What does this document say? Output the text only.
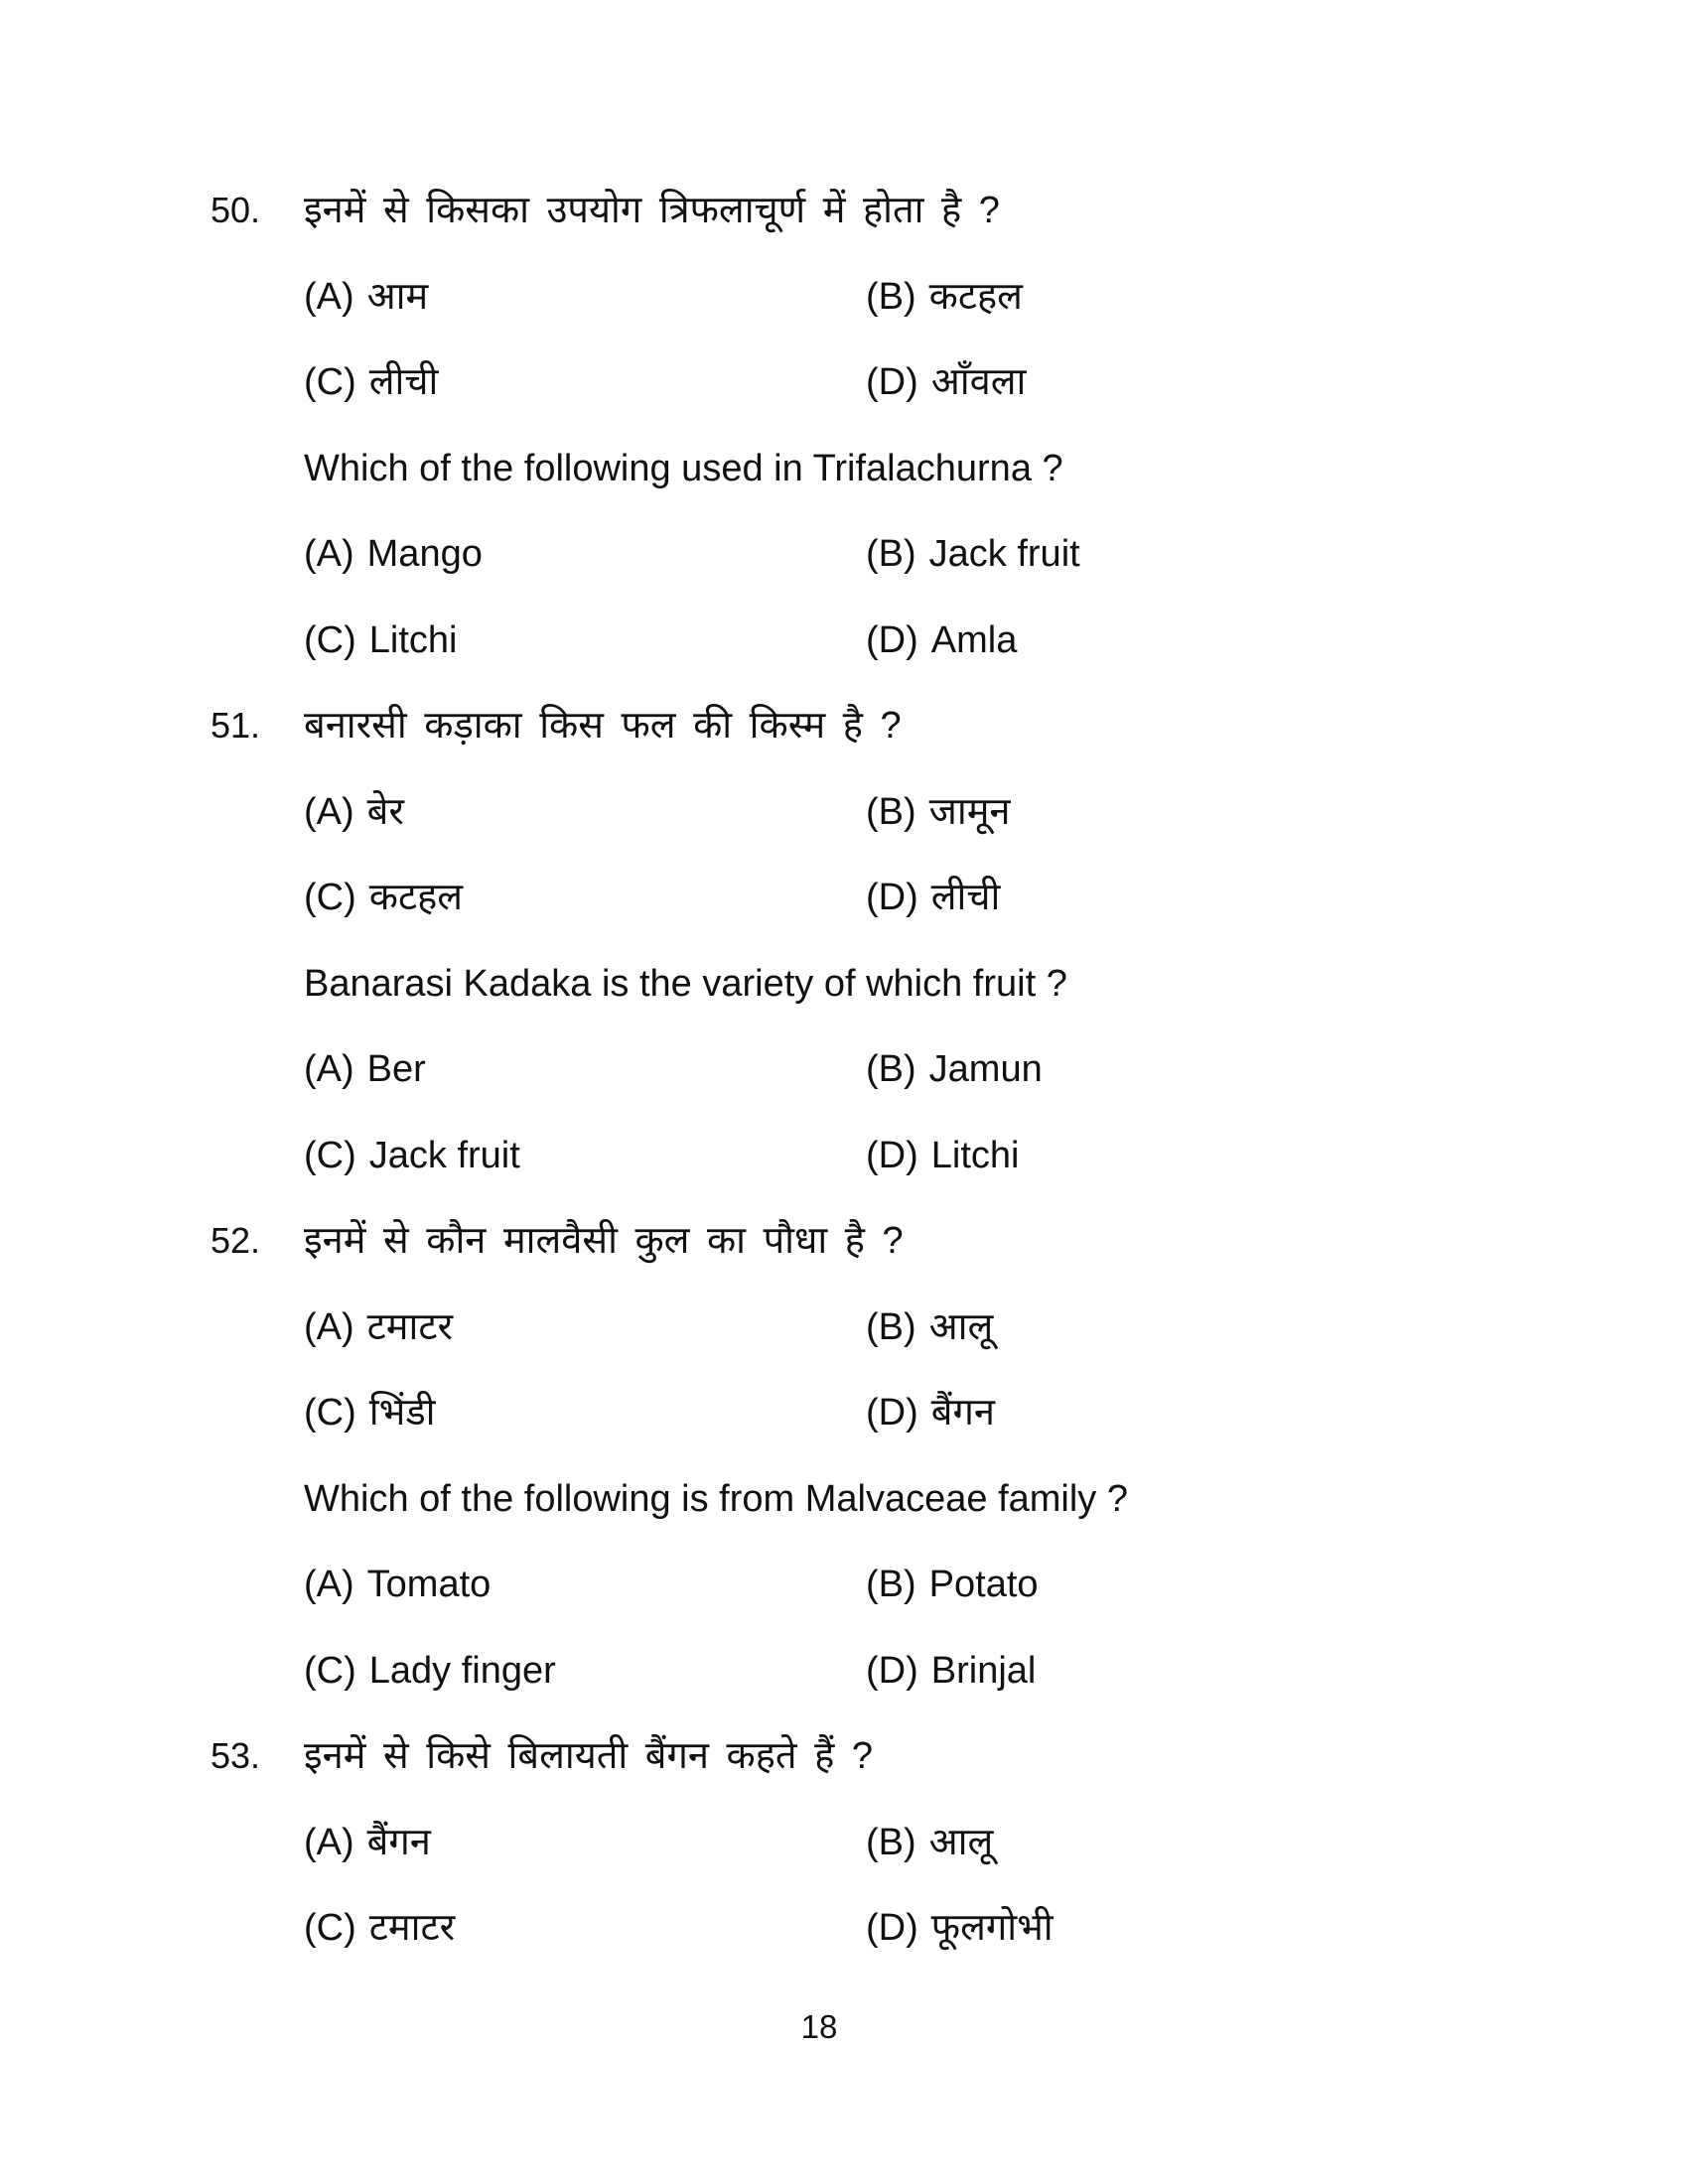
50. इनमें से किसका उपयोग त्रिफलाचूर्ण में होता है ?
(A) आम	(B) कटहल
(C) लीची	(D) आँवला
Which of the following used in Trifalachurna ?
(A) Mango	(B) Jack fruit
(C) Litchi	(D) Amla
51. बनारसी कड़ाका किस फल की किस्म है ?
(A) बेर	(B) जामून
(C) कटहल	(D) लीची
Banarasi Kadaka is the variety of which fruit ?
(A) Ber	(B) Jamun
(C) Jack fruit	(D) Litchi
52. इनमें से कौन मालवैसी कुल का पौधा है ?
(A) टमाटर	(B) आलू
(C) भिंडी	(D) बैंगन
Which of the following is from Malvaceae family ?
(A) Tomato	(B) Potato
(C) Lady finger	(D) Brinjal
53. इनमें से किसे बिलायती बैंगन कहते हैं ?
(A) बैंगन	(B) आलू
(C) टमाटर	(D) फूलगोभी
18
